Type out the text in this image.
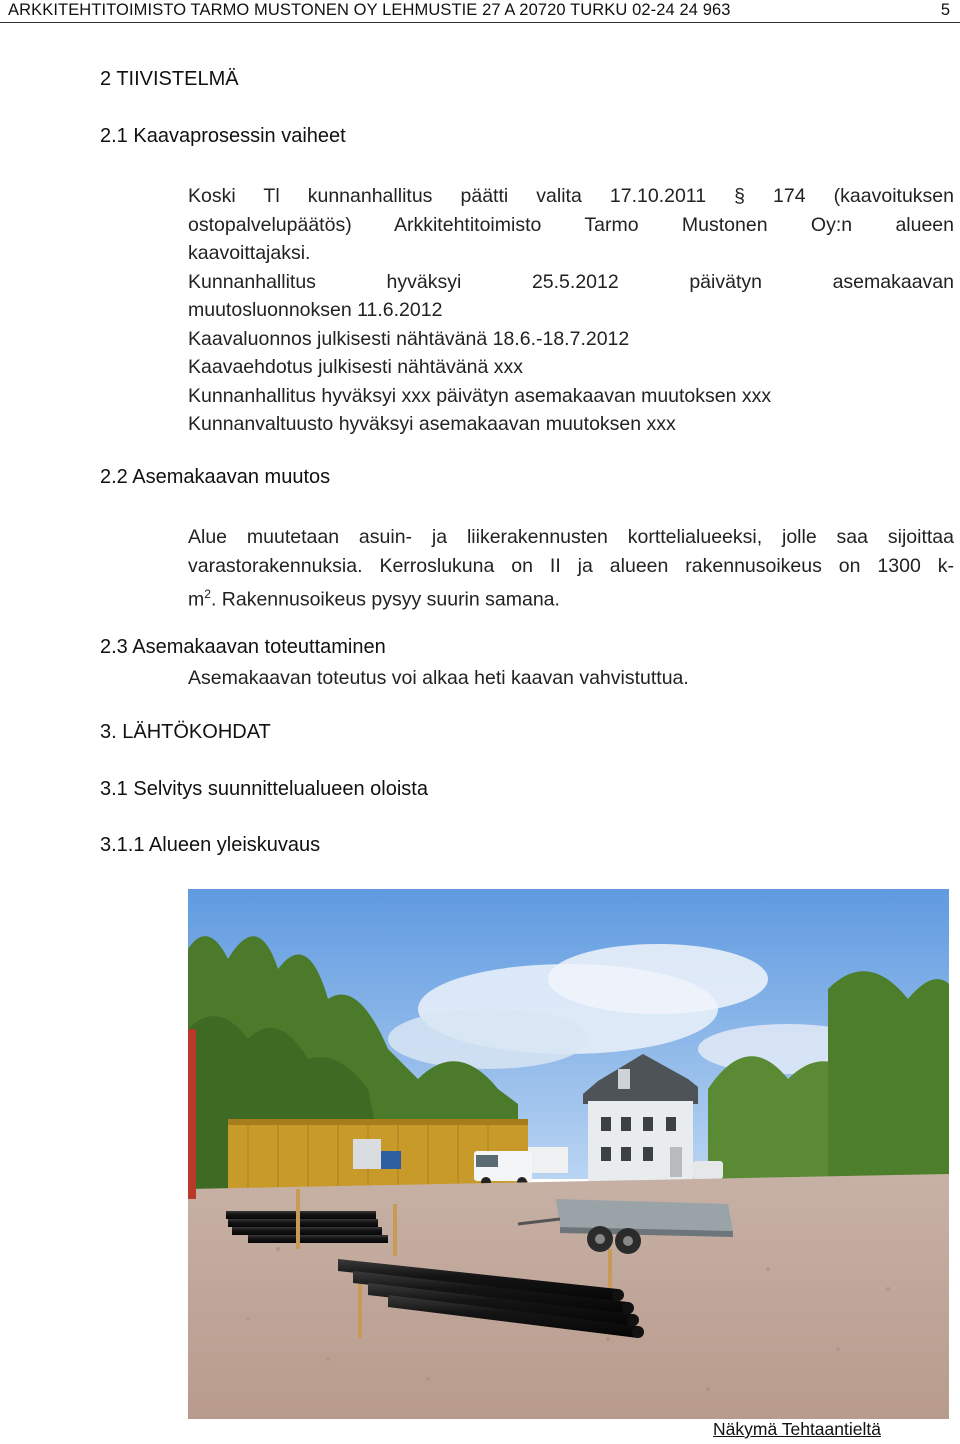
ARKKITEHTITOIMISTO TARMO MUSTONEN OY LEHMUSTIE 27 A 20720 TURKU 02-24 24 963	5
2 TIIVISTELMÄ
2.1 Kaavaprosessin vaiheet
Koski Tl kunnanhallitus päätti valita 17.10.2011 § 174 (kaavoituksen
ostopalvelupäätös) Arkkitehtitoimisto Tarmo Mustonen Oy:n alueen
kaavoittajaksi.
Kunnanhallitus hyväksyi 25.5.2012 päivätyn asemakaavan
muutosluonnoksen 11.6.2012
Kaavaluonnos julkisesti nähtävänä 18.6.-18.7.2012
Kaavaehdotus julkisesti nähtävänä xxx
Kunnanhallitus hyväksyi xxx päivätyn asemakaavan muutoksen xxx
Kunnanvaltuusto hyväksyi asemakaavan muutoksen xxx
2.2 Asemakaavan muutos
Alue muutetaan asuin- ja liikerakennusten korttelialueeksi, jolle saa sijoittaa
varastorakennuksia. Kerroslukuna on II ja alueen rakennusoikeus on 1300 k-
$m^2$. Rakennusoikeus pysyy suurin samana.
2.3 Asemakaavan toteuttaminen
Asemakaavan toteutus voi alkaa heti kaavan vahvistuttua.
3. LÄHTÖKOHDAT
3.1 Selvitys suunnittelualueen oloista
3.1.1 Alueen yleiskuvaus
Näkymä Tehtaantieltä
